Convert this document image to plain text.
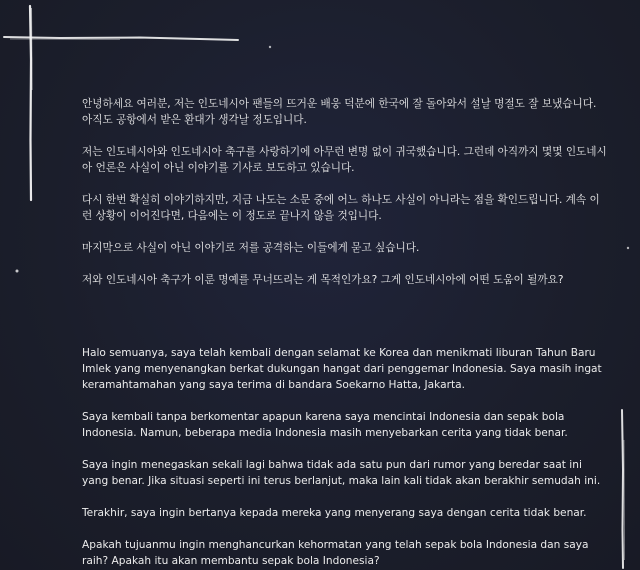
안녕하세요 여러분, 저는 인도네시아 팬들의 뜨거운 배웅 덕분에 한국에 잘 돌아와서 설날 명절도 잘 보냈습니다. 아직도 공항에서 받은 환대가 생각날 정도입니다.

저는 인도네시아와 인도네시아 축구를 사랑하기에 아무런 변명 없이 귀국했습니다. 그런데 아직까지 몇몇 인도네시아 언론은 사실이 아닌 이야기를 기사로 보도하고 있습니다.

다시 한번 확실히 이야기하지만, 지금 나도는 소문 중에 어느 하나도 사실이 아니라는 점을 확인드립니다. 계속 이런 상황이 이어진다면, 다음에는 이 정도로 끝나지 않을 것입니다.

마지막으로 사실이 아닌 이야기로 저를 공격하는 이들에게 묻고 싶습니다.

저와 인도네시아 축구가 이룬 명예를 무너뜨리는 게 목적인가요? 그게 인도네시아에 어떤 도움이 될까요?

Halo semuanya, saya telah kembali dengan selamat ke Korea dan menikmati liburan Tahun Baru Imlek yang menyenangkan berkat dukungan hangat dari penggemar Indonesia. Saya masih ingat keramahtamahan yang saya terima di bandara Soekarno Hatta, Jakarta.

Saya kembali tanpa berkomentar apapun karena saya mencintai Indonesia dan sepak bola Indonesia. Namun, beberapa media Indonesia masih menyebarkan cerita yang tidak benar.

Saya ingin menegaskan sekali lagi bahwa tidak ada satu pun dari rumor yang beredar saat ini yang benar. Jika situasi seperti ini terus berlanjut, maka lain kali tidak akan berakhir semudah ini.

Terakhir, saya ingin bertanya kepada mereka yang menyerang saya dengan cerita tidak benar.

Apakah tujuanmu ingin menghancurkan kehormatan yang telah sepak bola Indonesia dan saya raih? Apakah itu akan membantu sepak bola Indonesia?
